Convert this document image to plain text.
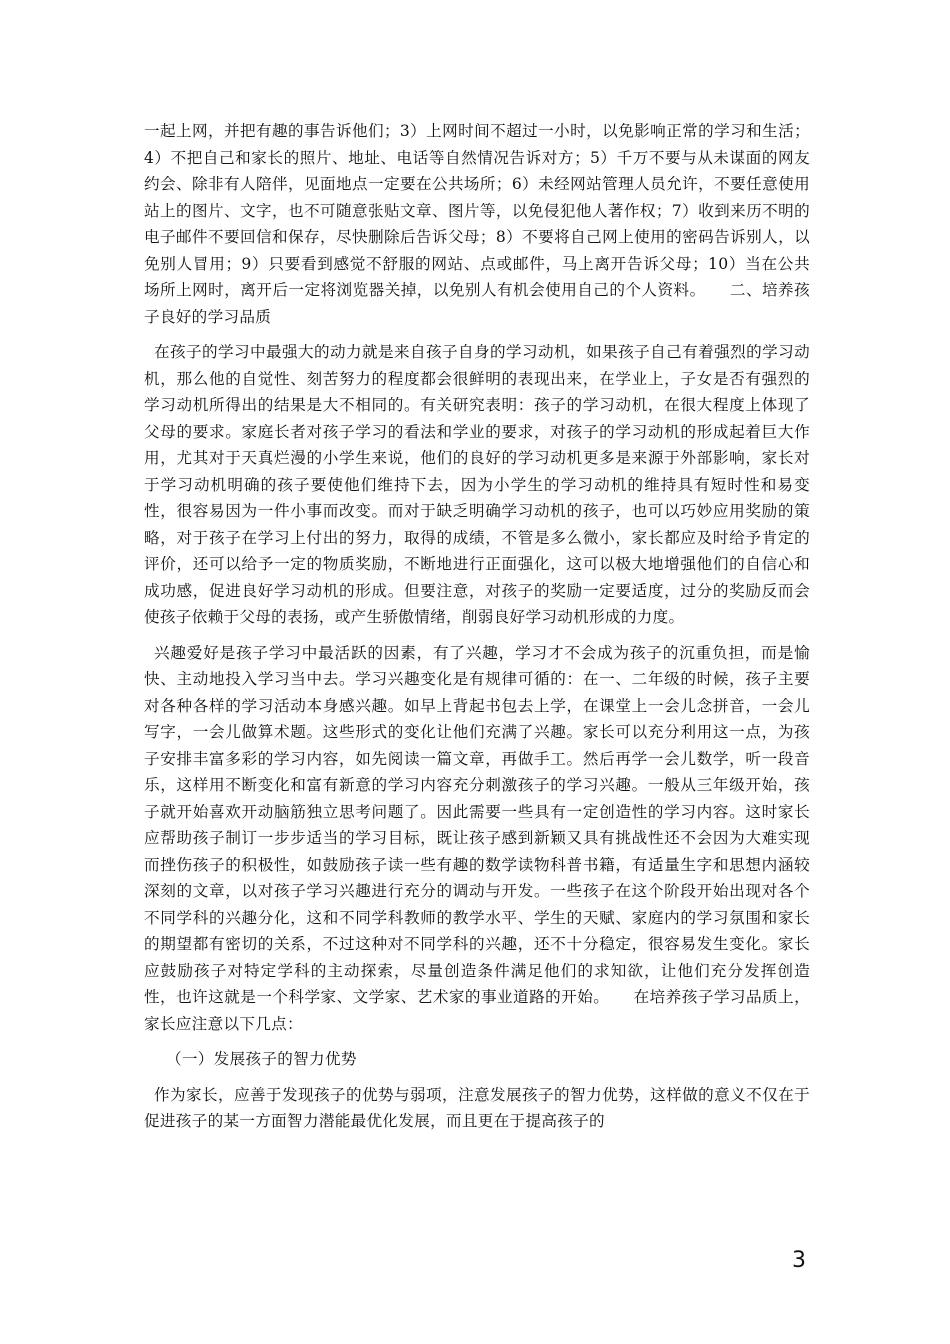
一起上网，并把有趣的事告诉他们；3）上网时间不超过一小时，以免影响正常的学习和生活；4）不把自己和家长的照片、地址、电话等自然情况告诉对方；5）千万不要与从未谋面的网友约会、除非有人陪伴，见面地点一定要在公共场所；6）未经网站管理人员允许，不要任意使用站上的图片、文字，也不可随意张贴文章、图片等，以免侵犯他人著作权；7）收到来历不明的电子邮件不要回信和保存，尽快删除后告诉父母；8）不要将自己网上使用的密码告诉别人，以免别人冒用；9）只要看到感觉不舒服的网站、点或邮件，马上离开告诉父母；10）当在公共场所上网时，离开后一定将浏览器关掉，以免别人有机会使用自己的个人资料。　　二、培养孩子良好的学习品质

在孩子的学习中最强大的动力就是来自孩子自身的学习动机，如果孩子自己有着强烈的学习动机，那么他的自觉性、刻苦努力的程度都会很鲜明的表现出来，在学业上，子女是否有强烈的学习动机所得出的结果是大不相同的。有关研究表明：孩子的学习动机，在很大程度上体现了父母的要求。家庭长者对孩子学习的看法和学业的要求，对孩子的学习动机的形成起着巨大作用，尤其对于天真烂漫的小学生来说，他们的良好的学习动机更多是来源于外部影响，家长对于学习动机明确的孩子要使他们维持下去，因为小学生的学习动机的维持具有短时性和易变性，很容易因为一件小事而改变。而对于缺乏明确学习动机的孩子，也可以巧妙应用奖励的策略，对于孩子在学习上付出的努力，取得的成绩，不管是多么微小，家长都应及时给予肯定的评价，还可以给予一定的物质奖励，不断地进行正面强化，这可以极大地增强他们的自信心和成功感，促进良好学习动机的形成。但要注意，对孩子的奖励一定要适度，过分的奖励反而会使孩子依赖于父母的表扬，或产生骄傲情绪，削弱良好学习动机形成的力度。

兴趣爱好是孩子学习中最活跃的因素，有了兴趣，学习才不会成为孩子的沉重负担，而是愉快、主动地投入学习当中去。学习兴趣变化是有规律可循的：在一、二年级的时候，孩子主要对各种各样的学习活动本身感兴趣。如早上背起书包去上学，在课堂上一会儿念拼音，一会儿写字，一会儿做算术题。这些形式的变化让他们充满了兴趣。家长可以充分利用这一点，为孩子安排丰富多彩的学习内容，如先阅读一篇文章，再做手工。然后再学一会儿数学，听一段音乐，这样用不断变化和富有新意的学习内容充分刺激孩子的学习兴趣。一般从三年级开始，孩子就开始喜欢开动脑筋独立思考问题了。因此需要一些具有一定创造性的学习内容。这时家长应帮助孩子制订一步步适当的学习目标，既让孩子感到新颖又具有挑战性还不会因为大难实现而挫伤孩子的积极性，如鼓励孩子读一些有趣的数学读物科普书籍，有适量生字和思想内涵较深刻的文章，以对孩子学习兴趣进行充分的调动与开发。一些孩子在这个阶段开始出现对各个不同学科的兴趣分化，这和不同学科教师的教学水平、学生的天赋、家庭内的学习氛围和家长的期望都有密切的关系，不过这种对不同学科的兴趣，还不十分稳定，很容易发生变化。家长应鼓励孩子对特定学科的主动探索，尽量创造条件满足他们的求知欲，让他们充分发挥创造性，也许这就是一个科学家、文学家、艺术家的事业道路的开始。　　在培养孩子学习品质上，家长应注意以下几点：

（一）发展孩子的智力优势

作为家长，应善于发现孩子的优势与弱项，注意发展孩子的智力优势，这样做的意义不仅在于促进孩子的某一方面智力潜能最优化发展，而且更在于提高孩子的

3
